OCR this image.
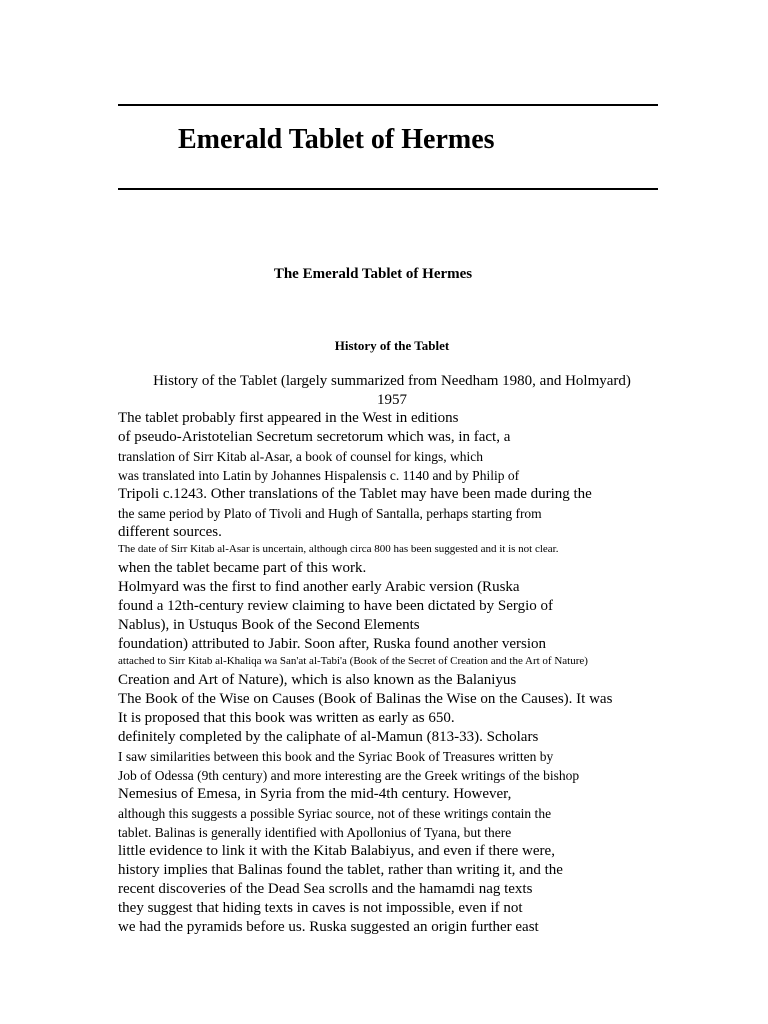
Emerald Tablet of Hermes
The Emerald Tablet of Hermes
History of the Tablet

History of the Tablet (largely summarized from Needham 1980, and Holmyard)
1957

The tablet probably first appeared in the West in editions
of pseudo-Aristotelian Secretum secretorum which was, in fact, a
translation of Sirr Kitab al-Asar, a book of counsel for kings, which
was translated into Latin by Johannes Hispalensis c. 1140 and by Philip of
Tripoli c.1243. Other translations of the Tablet may have been made during the
the same period by Plato of Tivoli and Hugh of Santalla, perhaps starting from
different sources.
The date of Sirr Kitab al-Asar is uncertain, although circa 800 has been suggested and it is not clear.
when the tablet became part of this work.
Holmyard was the first to find another early Arabic version (Ruska
found a 12th-century review claiming to have been dictated by Sergio of
Nablus), in Ustuqus Book of the Second Elements
foundation) attributed to Jabir. Soon after, Ruska found another version
attached to Sirr Kitab al-Khaliqa wa San'at al-Tabi'a (Book of the Secret of Creation and the Art of Nature)
Creation and Art of Nature), which is also known as the Balaniyus
The Book of the Wise on Causes (Book of Balinas the Wise on the Causes). It was
It is proposed that this book was written as early as 650.
definitely completed by the caliphate of al-Mamun (813-33). Scholars
I saw similarities between this book and the Syriac Book of Treasures written by
Job of Odessa (9th century) and more interesting are the Greek writings of the bishop
Nemesius of Emesa, in Syria from the mid-4th century. However,
although this suggests a possible Syriac source, not of these writings contain the
tablet. Balinas is generally identified with Apollonius of Tyana, but there
little evidence to link it with the Kitab Balabiyus, and even if there were,
history implies that Balinas found the tablet, rather than writing it, and the
recent discoveries of the Dead Sea scrolls and the hamamdi nag texts
they suggest that hiding texts in caves is not impossible, even if not
we had the pyramids before us. Ruska suggested an origin further east
